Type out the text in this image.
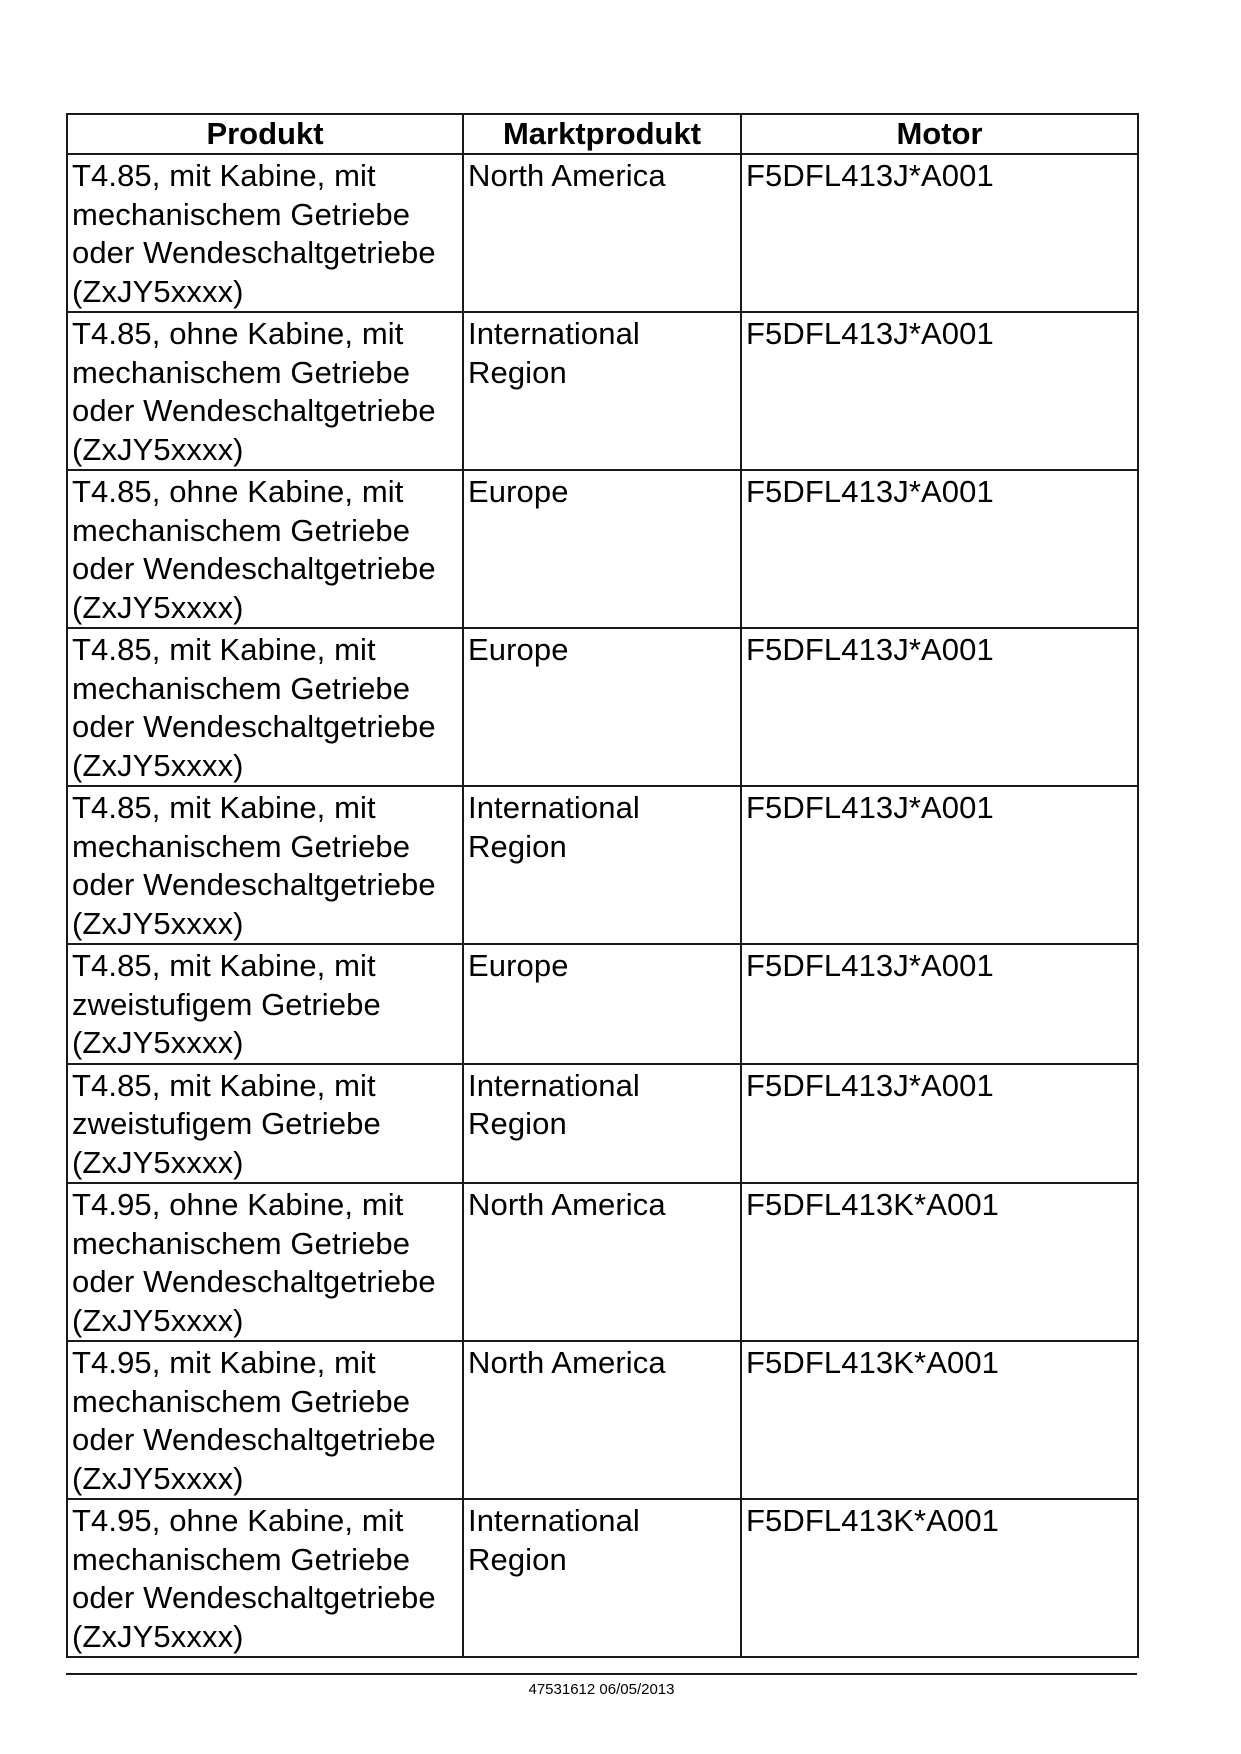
Produkt	Marktprodukt	Motor
T4.85, mit Kabine, mit
mechanischem Getriebe
oder Wendeschaltgetriebe
(ZxJY5xxxx)	North America	F5DFL413J*A001
T4.85, ohne Kabine, mit
mechanischem Getriebe
oder Wendeschaltgetriebe
(ZxJY5xxxx)	International
Region	F5DFL413J*A001
T4.85, ohne Kabine, mit
mechanischem Getriebe
oder Wendeschaltgetriebe
(ZxJY5xxxx)	Europe	F5DFL413J*A001
T4.85, mit Kabine, mit
mechanischem Getriebe
oder Wendeschaltgetriebe
(ZxJY5xxxx)	Europe	F5DFL413J*A001
T4.85, mit Kabine, mit
mechanischem Getriebe
oder Wendeschaltgetriebe
(ZxJY5xxxx)	International
Region	F5DFL413J*A001
T4.85, mit Kabine, mit
zweistufigem Getriebe
(ZxJY5xxxx)	Europe	F5DFL413J*A001
T4.85, mit Kabine, mit
zweistufigem Getriebe
(ZxJY5xxxx)	International
Region	F5DFL413J*A001
T4.95, ohne Kabine, mit
mechanischem Getriebe
oder Wendeschaltgetriebe
(ZxJY5xxxx)	North America	F5DFL413K*A001
T4.95, mit Kabine, mit
mechanischem Getriebe
oder Wendeschaltgetriebe
(ZxJY5xxxx)	North America	F5DFL413K*A001
T4.95, ohne Kabine, mit
mechanischem Getriebe
oder Wendeschaltgetriebe
(ZxJY5xxxx)	International
Region	F5DFL413K*A001
47531612 06/05/2013
